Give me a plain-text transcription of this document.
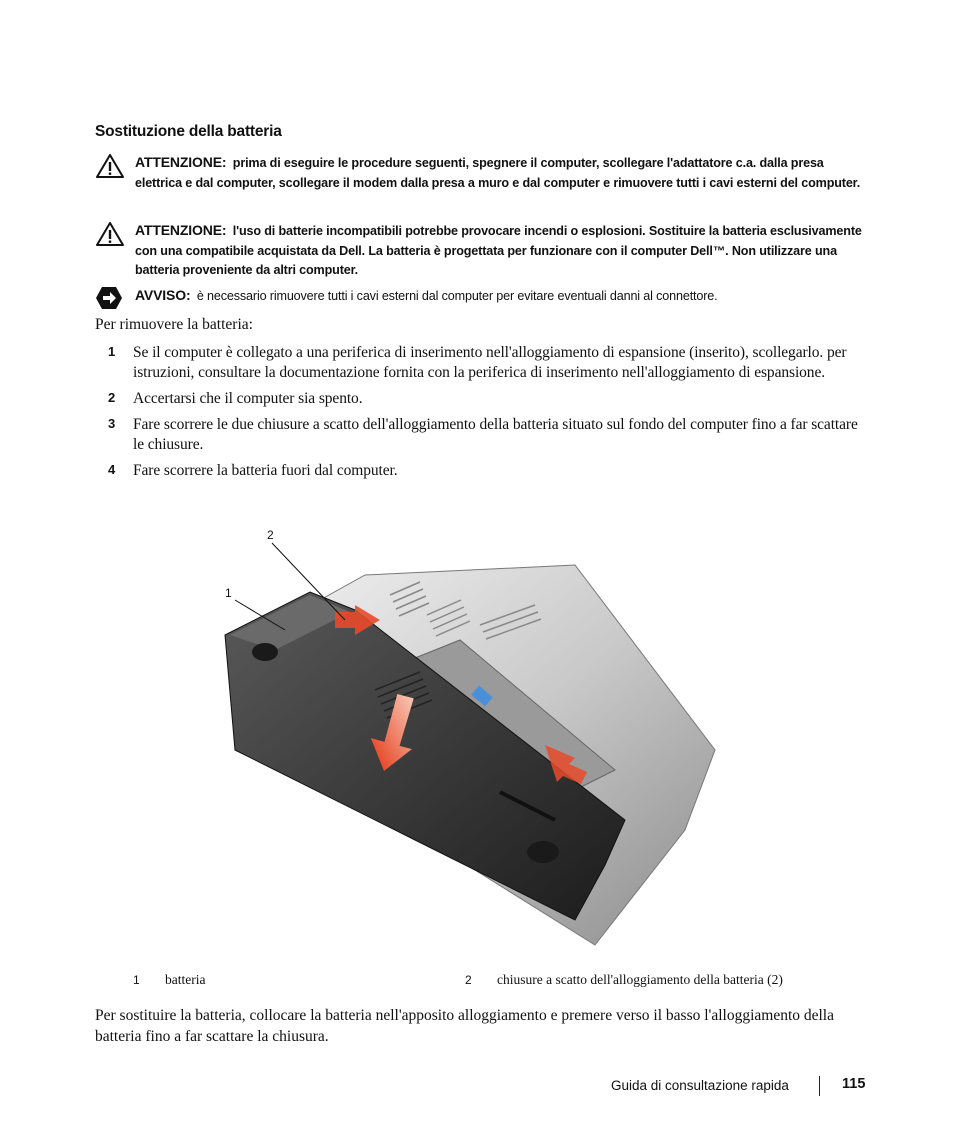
Sostituzione della batteria
ATTENZIONE: prima di eseguire le procedure seguenti, spegnere il computer, scollegare l'adattatore c.a. dalla presa elettrica e dal computer, scollegare il modem dalla presa a muro e dal computer e rimuovere tutti i cavi esterni del computer.
ATTENZIONE: l'uso di batterie incompatibili potrebbe provocare incendi o esplosioni. Sostituire la batteria esclusivamente con una compatibile acquistata da Dell. La batteria è progettata per funzionare con il computer Dell™. Non utilizzare una batteria proveniente da altri computer.
AVVISO: è necessario rimuovere tutti i cavi esterni dal computer per evitare eventuali danni al connettore.
Per rimuovere la batteria:
1 Se il computer è collegato a una periferica di inserimento nell'alloggiamento di espansione (inserito), scollegarlo. per istruzioni, consultare la documentazione fornita con la periferica di inserimento nell'alloggiamento di espansione.
2 Accertarsi che il computer sia spento.
3 Fare scorrere le due chiusure a scatto dell'alloggiamento della batteria situato sul fondo del computer fino a far scattare le chiusure.
4 Fare scorrere la batteria fuori dal computer.
2
1
1 batteria	2 chiusure a scatto dell'alloggiamento della batteria (2)
Per sostituire la batteria, collocare la batteria nell'apposito alloggiamento e premere verso il basso l'alloggiamento della batteria fino a far scattare la chiusura.
Guida di consultazione rapida	115
